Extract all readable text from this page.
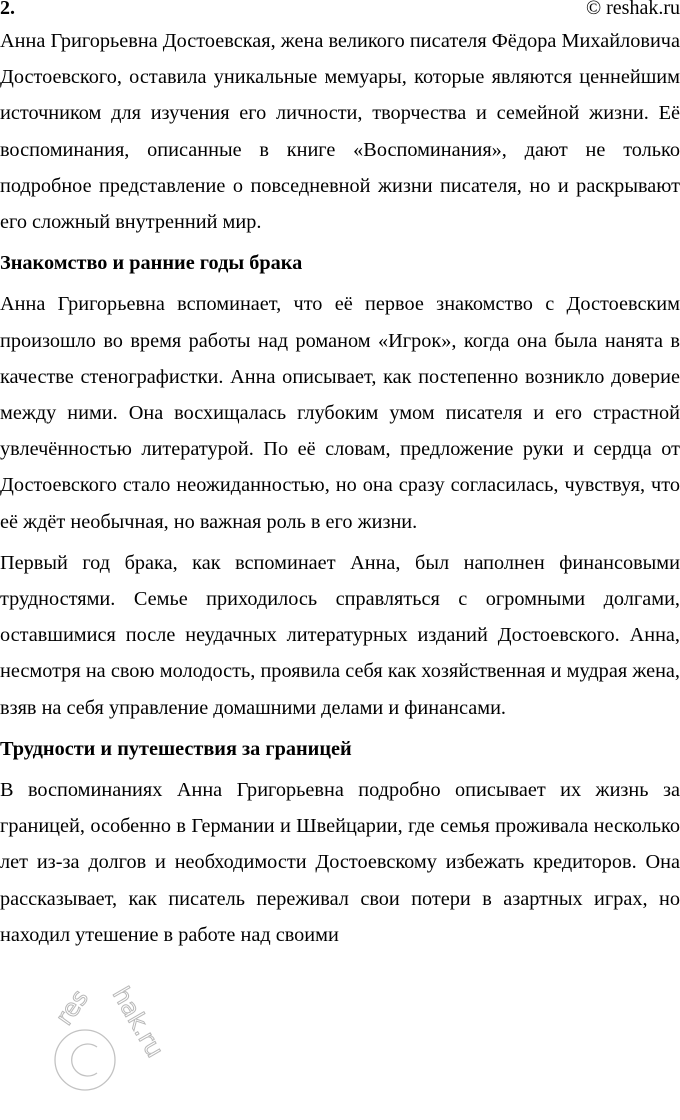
2.	© reshak.ru

Анна Григорьевна Достоевская, жена великого писателя Фёдора Михайловича Достоевского, оставила уникальные мемуары, которые являются ценнейшим источником для изучения его личности, творчества и семейной жизни. Её воспоминания, описанные в книге «Воспоминания», дают не только подробное представление о повседневной жизни писателя, но и раскрывают его сложный внутренний мир.

Знакомство и ранние годы брака

Анна Григорьевна вспоминает, что её первое знакомство с Достоевским произошло во время работы над романом «Игрок», когда она была нанята в качестве стенографистки. Анна описывает, как постепенно возникло доверие между ними. Она восхищалась глубоким умом писателя и его страстной увлечённостью литературой. По её словам, предложение руки и сердца от Достоевского стало неожиданностью, но она сразу согласилась, чувствуя, что её ждёт необычная, но важная роль в его жизни.

Первый год брака, как вспоминает Анна, был наполнен финансовыми трудностями. Семье приходилось справляться с огромными долгами, оставшимися после неудачных литературных изданий Достоевского. Анна, несмотря на свою молодость, проявила себя как хозяйственная и мудрая жена, взяв на себя управление домашними делами и финансами.

Трудности и путешествия за границей

В воспоминаниях Анна Григорьевна подробно описывает их жизнь за границей, особенно в Германии и Швейцарии, где семья проживала несколько лет из-за долгов и необходимости Достоевскому избежать кредиторов. Она рассказывает, как писатель переживал свои потери в азартных играх, но находил утешение в работе над своими

res hak.ru
